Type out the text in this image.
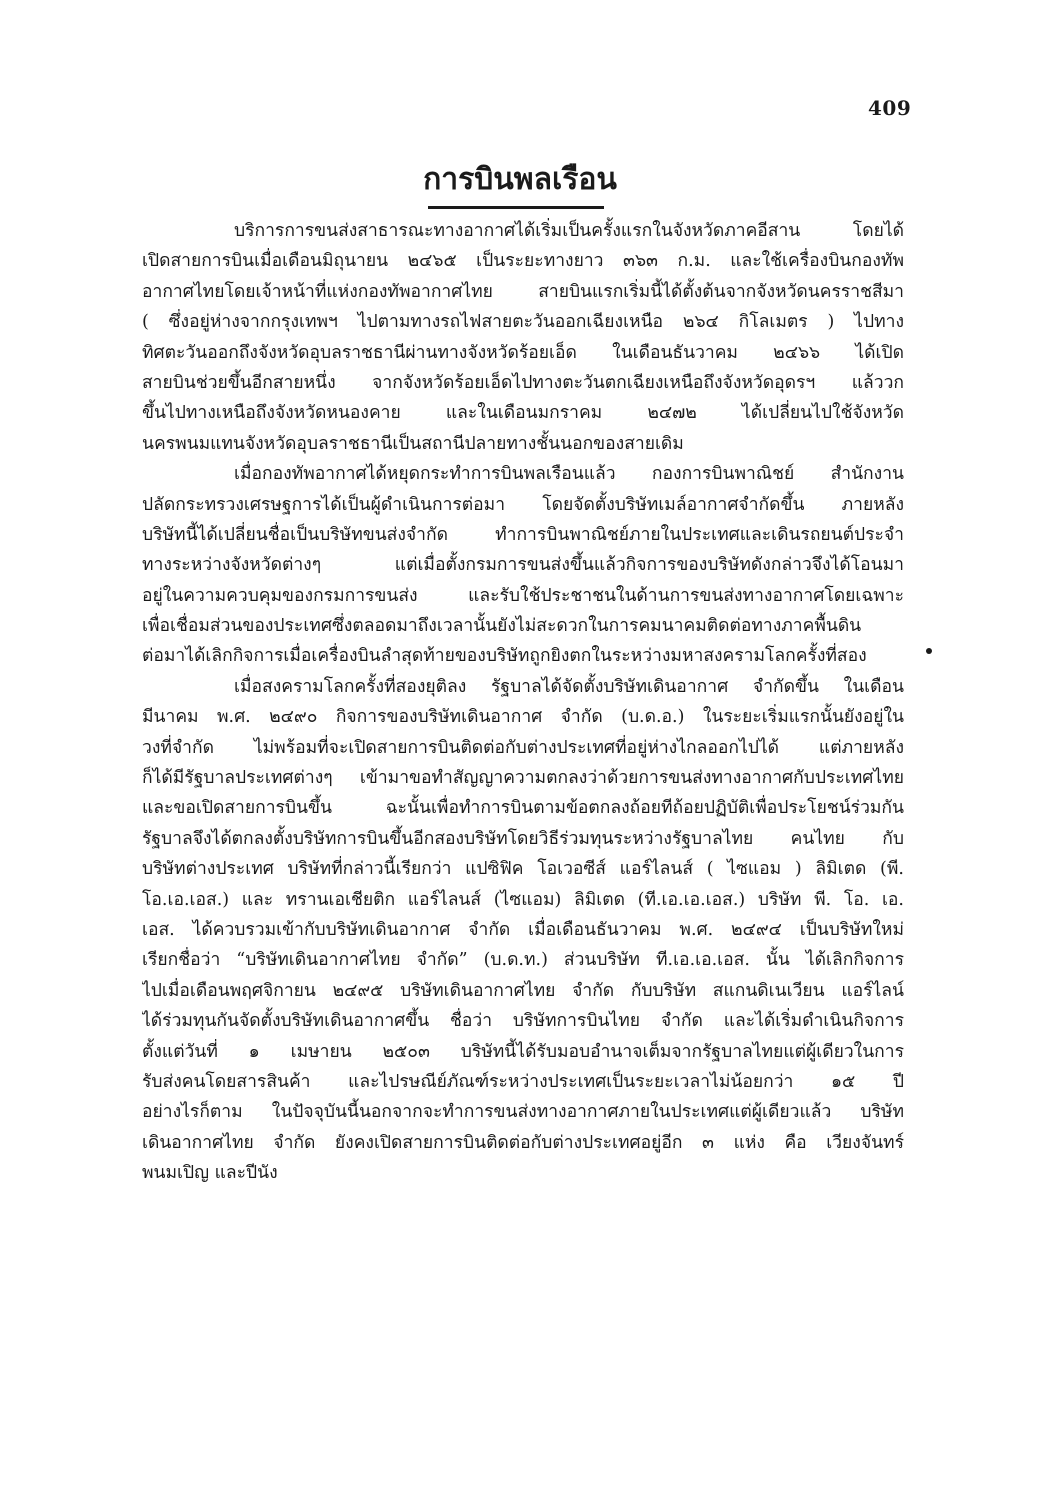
409
การบินพลเรือน
บริการการขนส่งสาธารณะทางอากาศได้เริ่มเป็นครั้งแรกในจังหวัดภาคอีสาน โดยได้
เปิดสายการบินเมื่อเดือนมิถุนายน ๒๔๖๕ เป็นระยะทางยาว ๓๖๓ ก.ม. และใช้เครื่องบินกองทัพ
อากาศไทยโดยเจ้าหน้าที่แห่งกองทัพอากาศไทย สายบินแรกเริ่มนี้ได้ตั้งต้นจากจังหวัดนครราชสีมา
( ซึ่งอยู่ห่างจากกรุงเทพฯ ไปตามทางรถไฟสายตะวันออกเฉียงเหนือ ๒๖๔ กิโลเมตร ) ไปทาง
ทิศตะวันออกถึงจังหวัดอุบลราชธานีผ่านทางจังหวัดร้อยเอ็ด ในเดือนธันวาคม ๒๔๖๖ ได้เปิด
สายบินช่วยขึ้นอีกสายหนึ่ง จากจังหวัดร้อยเอ็ดไปทางตะวันตกเฉียงเหนือถึงจังหวัดอุดรฯ แล้ววก
ขึ้นไปทางเหนือถึงจังหวัดหนองคาย และในเดือนมกราคม ๒๔๗๒ ได้เปลี่ยนไปใช้จังหวัด
นครพนมแทนจังหวัดอุบลราชธานีเป็นสถานีปลายทางชั้นนอกของสายเดิม
เมื่อกองทัพอากาศได้หยุดกระทำการบินพลเรือนแล้ว กองการบินพาณิชย์ สำนักงาน
ปลัดกระทรวงเศรษฐการได้เป็นผู้ดำเนินการต่อมา โดยจัดตั้งบริษัทเมล์อากาศจำกัดขึ้น ภายหลัง
บริษัทนี้ได้เปลี่ยนชื่อเป็นบริษัทขนส่งจำกัด ทำการบินพาณิชย์ภายในประเทศและเดินรถยนต์ประจำ
ทางระหว่างจังหวัดต่างๆ แต่เมื่อตั้งกรมการขนส่งขึ้นแล้วกิจการของบริษัทดังกล่าวจึงได้โอนมา
อยู่ในความควบคุมของกรมการขนส่ง และรับใช้ประชาชนในด้านการขนส่งทางอากาศโดยเฉพาะ
เพื่อเชื่อมส่วนของประเทศซึ่งตลอดมาถึงเวลานั้นยังไม่สะดวกในการคมนาคมติดต่อทางภาคพื้นดิน
ต่อมาได้เลิกกิจการเมื่อเครื่องบินลำสุดท้ายของบริษัทถูกยิงตกในระหว่างมหาสงครามโลกครั้งที่สอง
เมื่อสงครามโลกครั้งที่สองยุติลง รัฐบาลได้จัดตั้งบริษัทเดินอากาศ จำกัดขึ้น ในเดือน
มีนาคม พ.ศ. ๒๔๙๐ กิจการของบริษัทเดินอากาศ จำกัด (บ.ด.อ.) ในระยะเริ่มแรกนั้นยังอยู่ใน
วงที่จำกัด ไม่พร้อมที่จะเปิดสายการบินติดต่อกับต่างประเทศที่อยู่ห่างไกลออกไปได้ แต่ภายหลัง
ก็ได้มีรัฐบาลประเทศต่างๆ เข้ามาขอทำสัญญาความตกลงว่าด้วยการขนส่งทางอากาศกับประเทศไทย
และขอเปิดสายการบินขึ้น ฉะนั้นเพื่อทำการบินตามข้อตกลงถ้อยทีถ้อยปฏิบัติเพื่อประโยชน์ร่วมกัน
รัฐบาลจึงได้ตกลงตั้งบริษัทการบินขึ้นอีกสองบริษัทโดยวิธีร่วมทุนระหว่างรัฐบาลไทย คนไทย กับ
บริษัทต่างประเทศ บริษัทที่กล่าวนี้เรียกว่า แปซิฟิค โอเวอซีส์ แอร์ไลนส์ ( ไซแอม ) ลิมิเตด (พี.
โอ.เอ.เอส.) และ ทรานเอเชียติก แอร์ไลนส์ (ไซแอม) ลิมิเตด (ที.เอ.เอ.เอส.) บริษัท พี. โอ. เอ.
เอส. ได้ควบรวมเข้ากับบริษัทเดินอากาศ จำกัด เมื่อเดือนธันวาคม พ.ศ. ๒๔๙๔ เป็นบริษัทใหม่
เรียกชื่อว่า “บริษัทเดินอากาศไทย จำกัด” (บ.ด.ท.) ส่วนบริษัท ที.เอ.เอ.เอส. นั้น ได้เลิกกิจการ
ไปเมื่อเดือนพฤศจิกายน ๒๔๙๕ บริษัทเดินอากาศไทย จำกัด กับบริษัท สแกนดิเนเวียน แอร์ไลน์
ได้ร่วมทุนกันจัดตั้งบริษัทเดินอากาศขึ้น ชื่อว่า บริษัทการบินไทย จำกัด และได้เริ่มดำเนินกิจการ
ตั้งแต่วันที่ ๑ เมษายน ๒๕๐๓ บริษัทนี้ได้รับมอบอำนาจเต็มจากรัฐบาลไทยแต่ผู้เดียวในการ
รับส่งคนโดยสารสินค้า และไปรษณีย์ภัณฑ์ระหว่างประเทศเป็นระยะเวลาไม่น้อยกว่า ๑๕ ปี
อย่างไรก็ตาม ในปัจจุบันนี้นอกจากจะทำการขนส่งทางอากาศภายในประเทศแต่ผู้เดียวแล้ว บริษัท
เดินอากาศไทย จำกัด ยังคงเปิดสายการบินติดต่อกับต่างประเทศอยู่อีก ๓ แห่ง คือ เวียงจันทร์
พนมเปิญ และปีนัง
